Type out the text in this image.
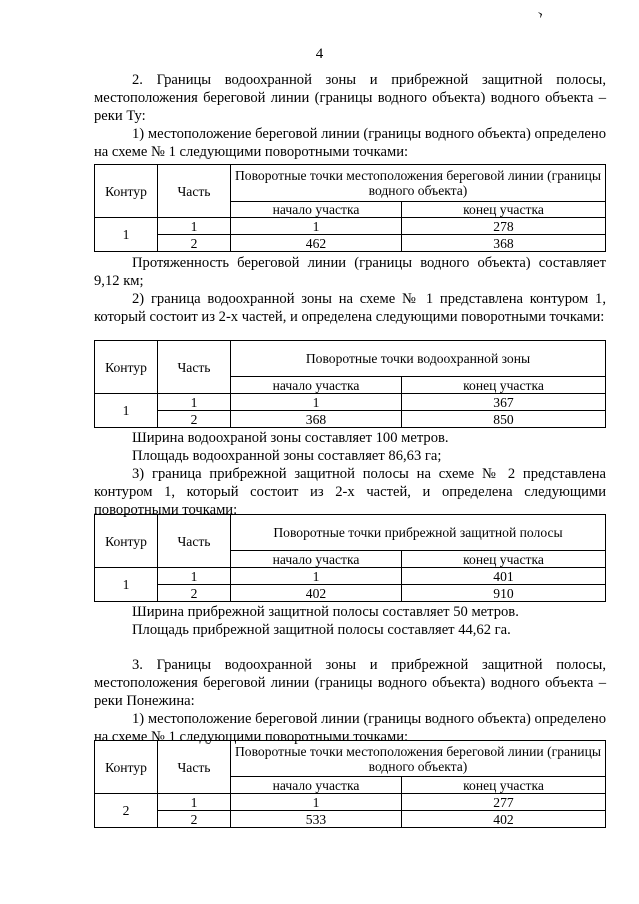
›
4

2. Границы водоохранной зоны и прибрежной защитной полосы, местоположения береговой линии (границы водного объекта) водного объекта – реки Ту:

1) местоположение береговой линии (границы водного объекта) определено на схеме № 1 следующими поворотными точками:

Контур	Часть	Поворотные точки местоположения береговой линии (границы водного объекта)	
		начало участка	конец участка
1	1	1	278
	2	462	368

Протяженность береговой линии (границы водного объекта) составляет 9,12 км;

2) граница водоохранной зоны на схеме № 1 представлена контуром 1, который состоит из 2-х частей, и определена следующими поворотными точками:

Контур	Часть	Поворотные точки водоохранной зоны	
		начало участка	конец участка
1	1	1	367
	2	368	850

Ширина водоохраной зоны составляет 100 метров.

Площадь водоохранной зоны составляет 86,63 га;

3) граница прибрежной защитной полосы на схеме № 2 представлена контуром 1, который состоит из 2-х частей, и определена следующими поворотными точками:

Контур	Часть	Поворотные точки прибрежной защитной полосы	
		начало участка	конец участка
1	1	1	401
	2	402	910

Ширина прибрежной защитной полосы составляет 50 метров.

Площадь прибрежной защитной полосы составляет 44,62 га.

3. Границы водоохранной зоны и прибрежной защитной полосы, местоположения береговой линии (границы водного объекта) водного объекта – реки Понежина:

1) местоположение береговой линии (границы водного объекта) определено на схеме № 1 следующими поворотными точками:

Контур	Часть	Поворотные точки местоположения береговой линии (границы водного объекта)	
		начало участка	конец участка
2	1	1	277
	2	533	402
